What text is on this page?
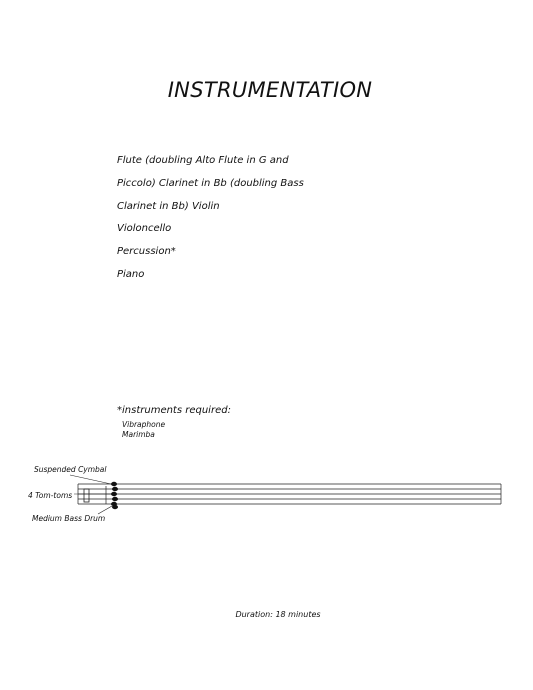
INSTRUMENTATION
Flute (doubling Alto Flute in G and
Piccolo) Clarinet in Bb (doubling Bass
Clarinet in Bb) Violin
Violoncello
Percussion*
Piano

*instruments required:

Vibraphone
Marimba
Suspended Cymbal
4 Tom-toms
Medium Bass Drum
Duration: 18 minutes
